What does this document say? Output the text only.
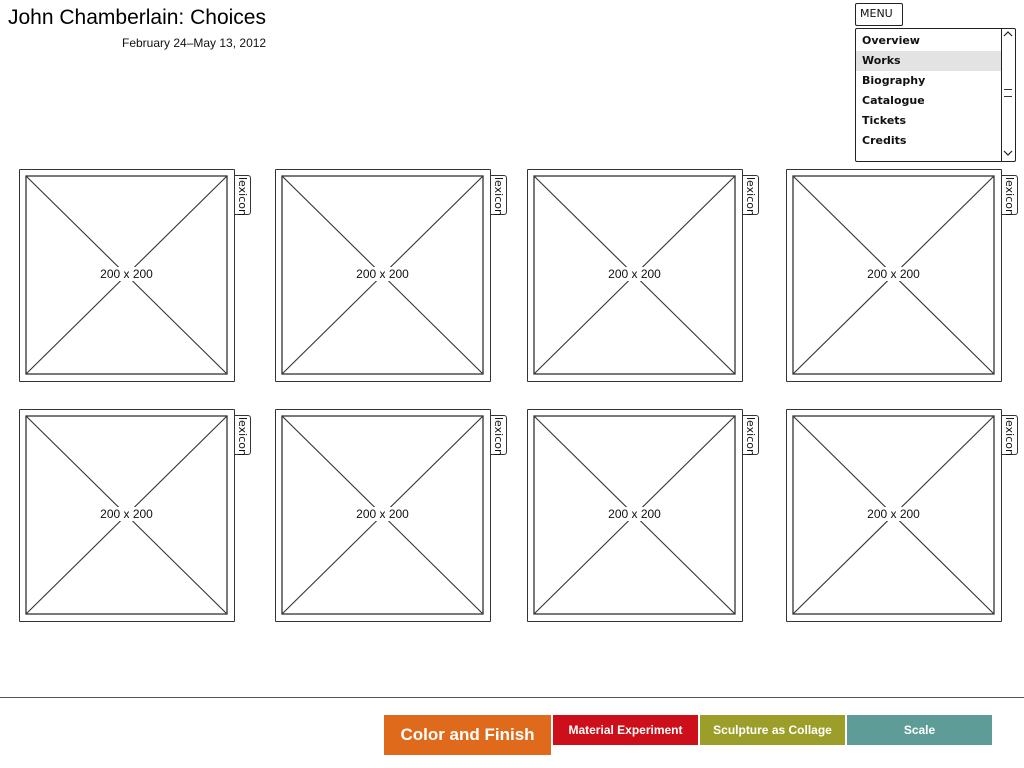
John Chamberlain: Choices
February 24–May 13, 2012
MENU
Overview
Works
Biography
Catalogue
Tickets
Credits
200 x 200
lexicon
200 x 200
lexicon
200 x 200
lexicon
200 x 200
lexicon
200 x 200
lexicon
200 x 200
lexicon
200 x 200
lexicon
200 x 200
lexicon
Color and Finish	Material Experiment	Sculpture as Collage	Scale
